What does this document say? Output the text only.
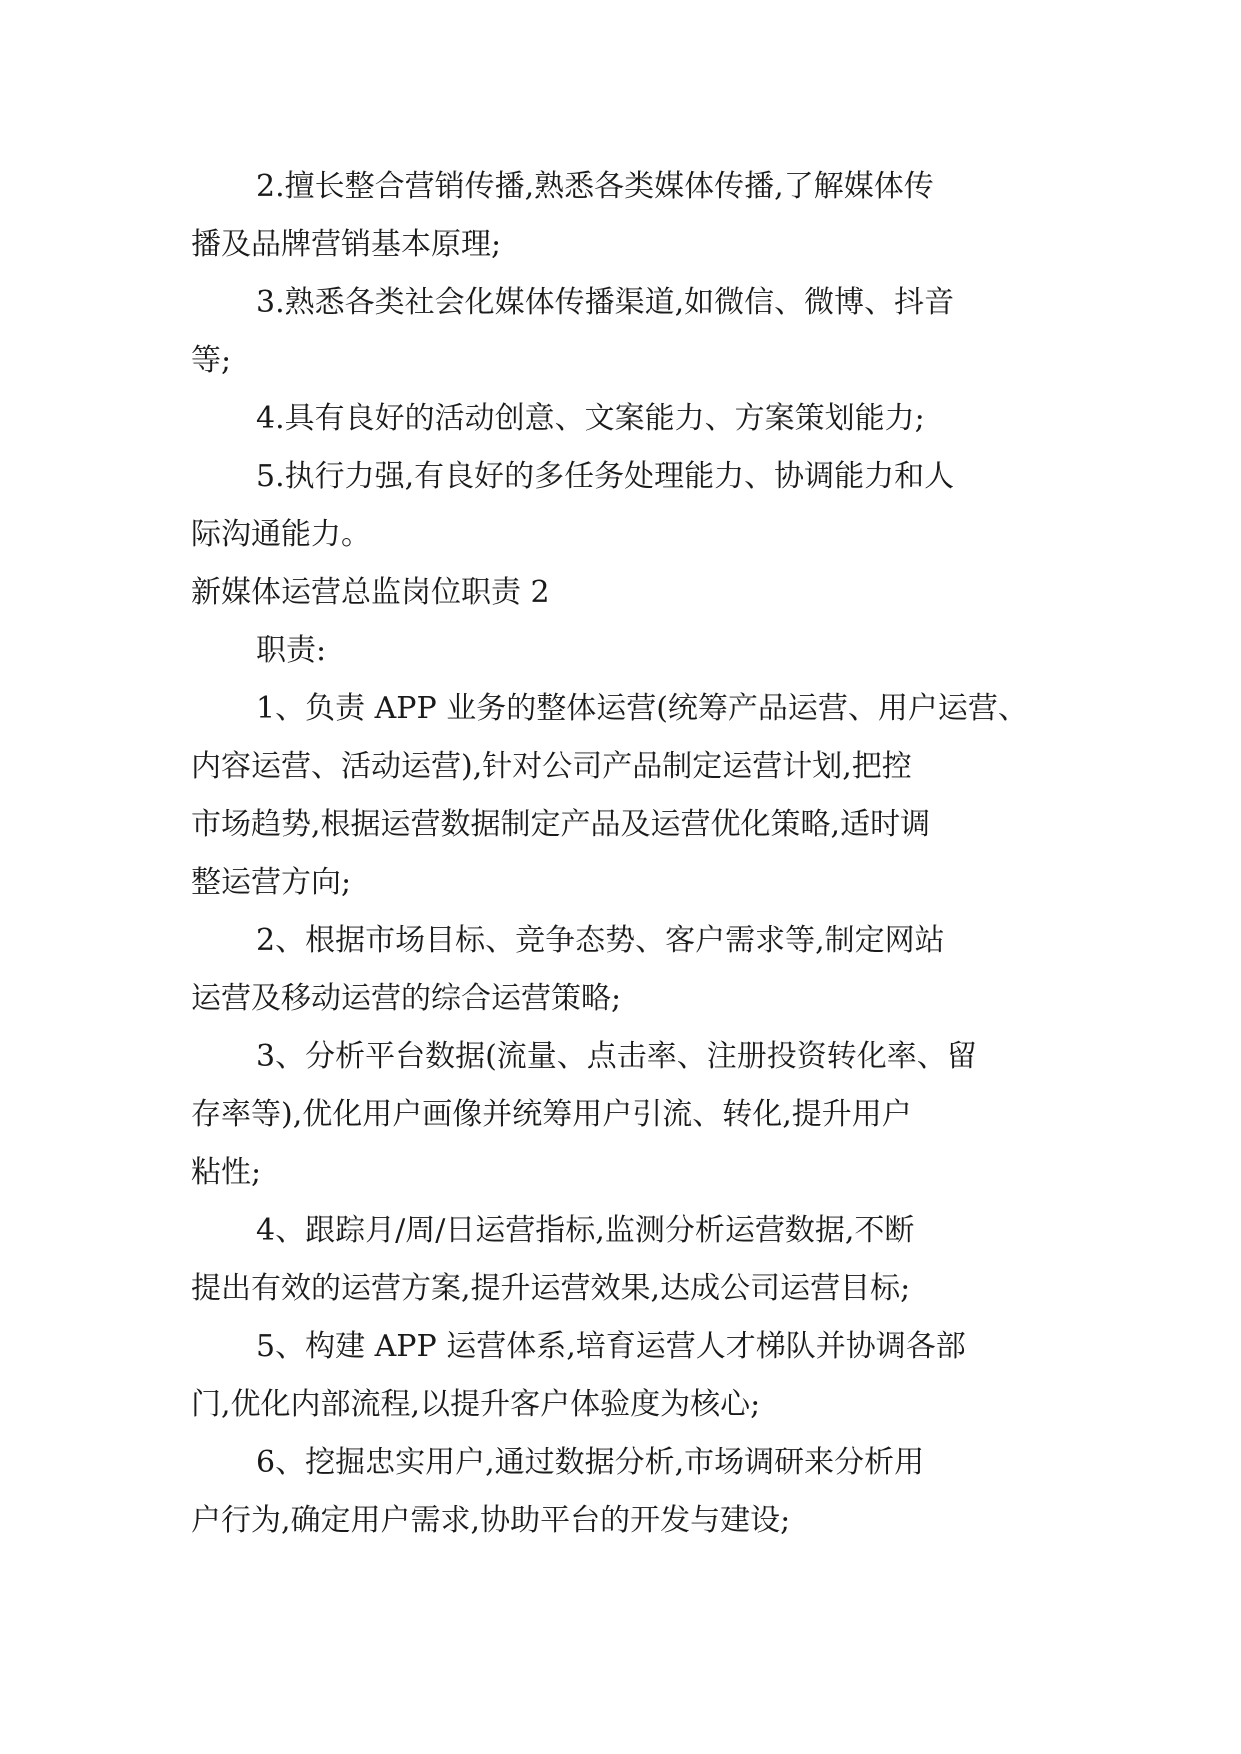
2.擅长整合营销传播,熟悉各类媒体传播,了解媒体传
播及品牌营销基本原理;
3.熟悉各类社会化媒体传播渠道,如微信、微博、抖音
等;
4.具有良好的活动创意、文案能力、方案策划能力;
5.执行力强,有良好的多任务处理能力、协调能力和人
际沟通能力。
新媒体运营总监岗位职责 2
职责:
1、负责 APP 业务的整体运营(统筹产品运营、用户运营、
内容运营、活动运营),针对公司产品制定运营计划,把控
市场趋势,根据运营数据制定产品及运营优化策略,适时调
整运营方向;
2、根据市场目标、竞争态势、客户需求等,制定网站
运营及移动运营的综合运营策略;
3、分析平台数据(流量、点击率、注册投资转化率、留
存率等),优化用户画像并统筹用户引流、转化,提升用户
粘性;
4、跟踪月/周/日运营指标,监测分析运营数据,不断
提出有效的运营方案,提升运营效果,达成公司运营目标;
5、构建 APP 运营体系,培育运营人才梯队并协调各部
门,优化内部流程,以提升客户体验度为核心;
6、挖掘忠实用户,通过数据分析,市场调研来分析用
户行为,确定用户需求,协助平台的开发与建设;
